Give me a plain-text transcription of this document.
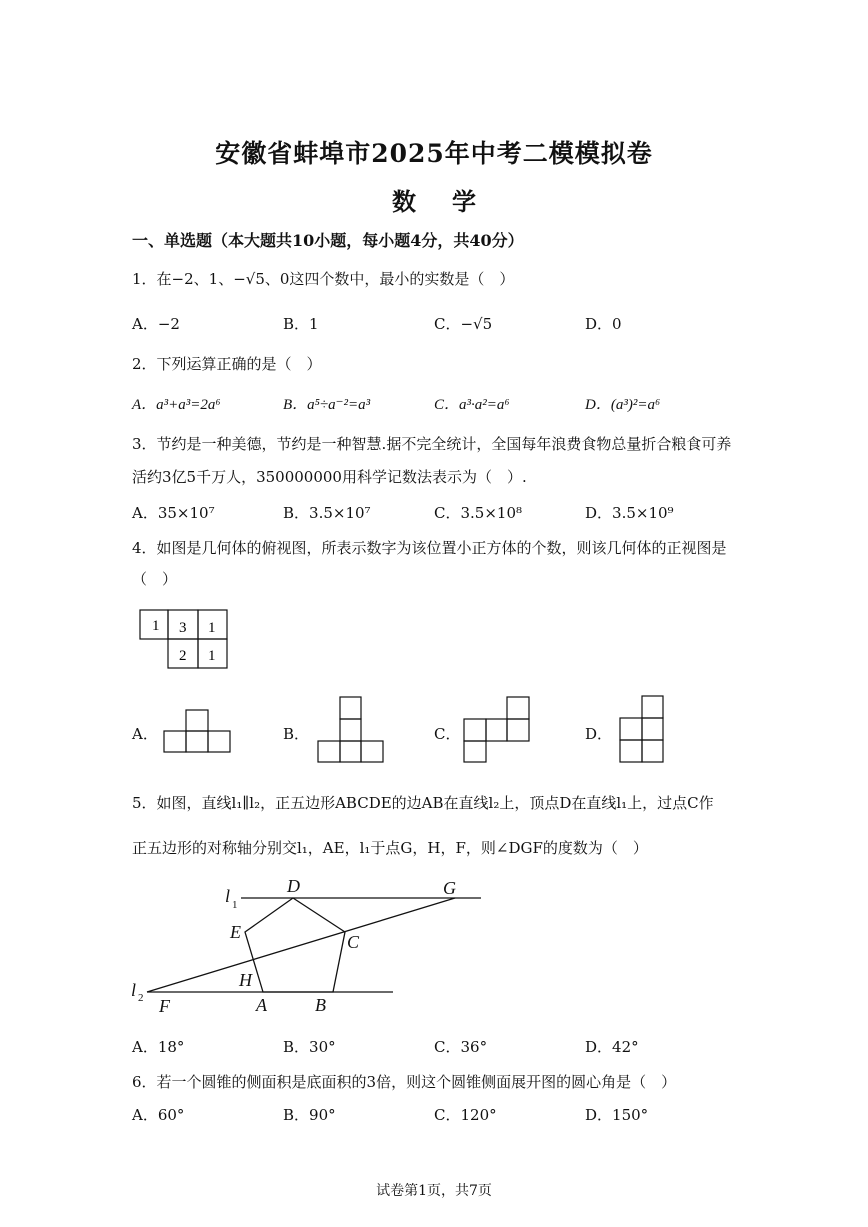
安徽省蚌埠市2025年中考二模模拟卷
数学
一、单选题（本大题共10小题，每小题4分，共40分）
1．在−2、1、−√5、0这四个数中，最小的实数是（　）
A．−2	B．1	C．−√5	D．0
2．下列运算正确的是（　）
A．a³+a³=2a⁶	B．a⁵÷a⁻²=a³	C．a³·a²=a⁶	D．(a³)²=a⁶
3．节约是一种美德，节约是一种智慧.据不完全统计，全国每年浪费食物总量折合粮食可养
活约3亿5千万人，350000000用科学记数法表示为（　）.
A．35×10⁷	B．3.5×10⁷	C．3.5×10⁸	D．3.5×10⁹
4．如图是几何体的俯视图，所表示数字为该位置小正方体的个数，则该几何体的正视图是
（　）
1 3 1
2 1
A．	B．	C．	D．
5．如图，直线l₁∥l₂，正五边形ABCDE的边AB在直线l₂上，顶点D在直线l₁上，过点C作
正五边形的对称轴分别交l₁，AE，l₁于点G，H，F，则∠DGF的度数为（　）
l 1
l 2
D	G
E	C
H
F	A	B
A．18°	B．30°	C．36°	D．42°
6．若一个圆锥的侧面积是底面积的3倍，则这个圆锥侧面展开图的圆心角是（　）
A．60°	B．90°	C．120°	D．150°
试卷第1页，共7页
